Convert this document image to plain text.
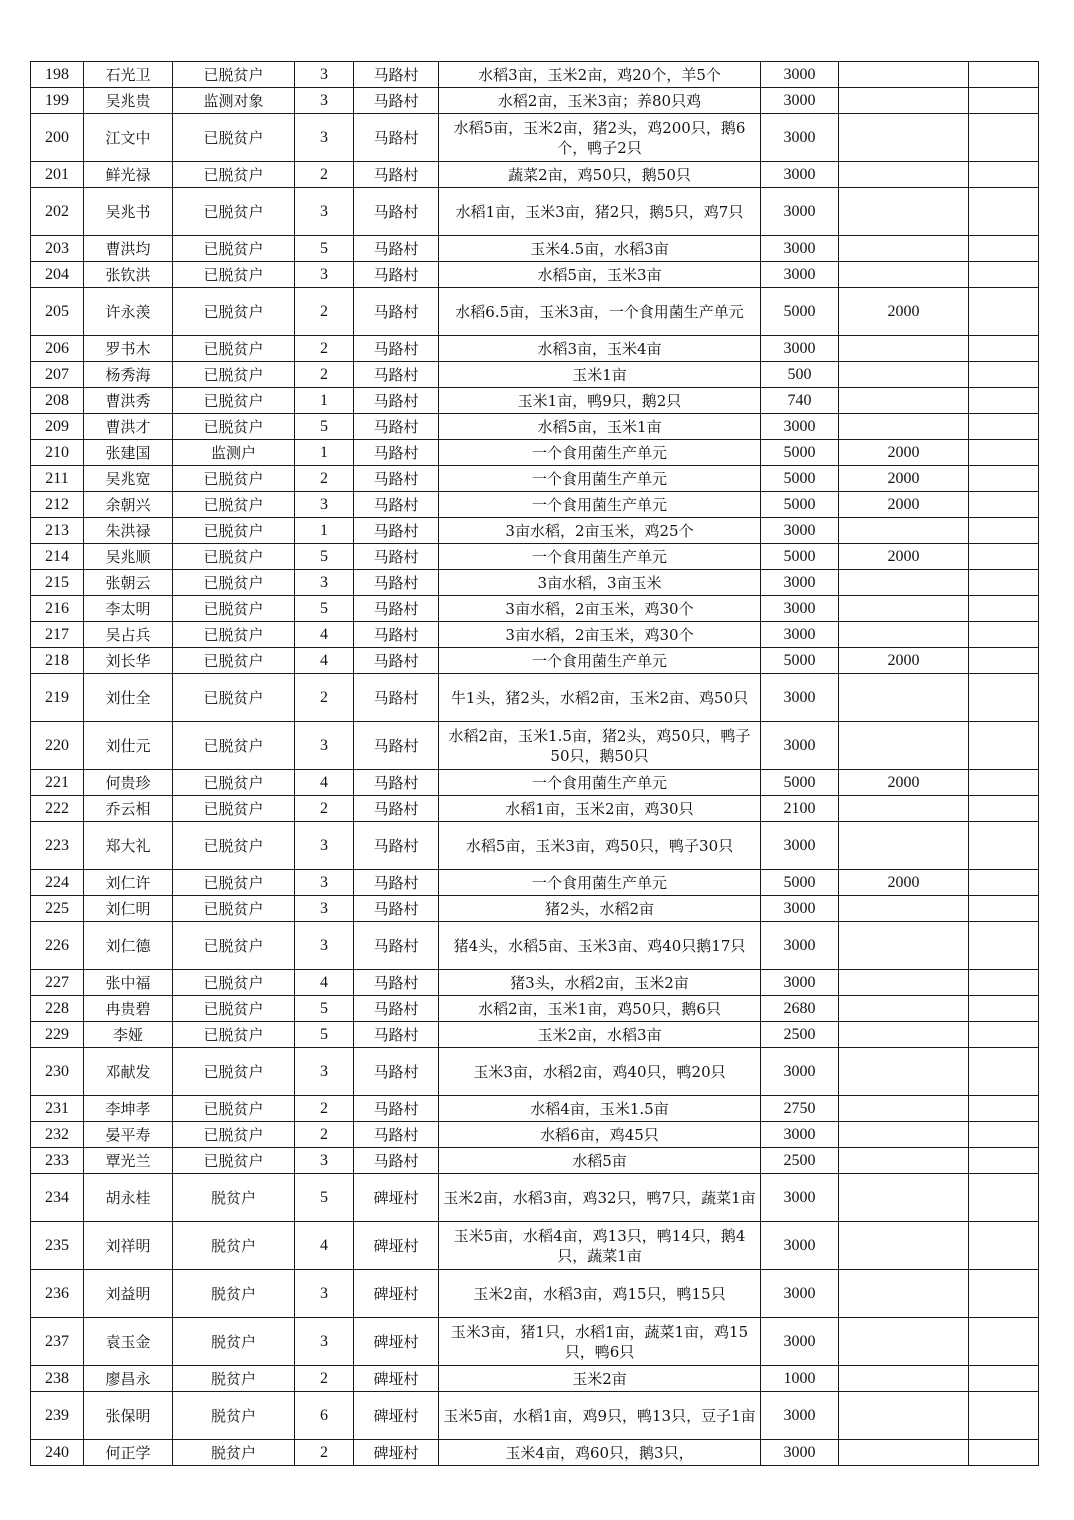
198	石光卫	已脱贫户	3	马路村	水稻3亩，玉米2亩，鸡20个，羊5个	3000		
199	吴兆贵	监测对象	3	马路村	水稻2亩，玉米3亩；养80只鸡	3000		
200	江文中	已脱贫户	3	马路村	水稻5亩，玉米2亩，猪2头，鸡200只，鹅6个，鸭子2只	3000		
201	鲜光禄	已脱贫户	2	马路村	蔬菜2亩，鸡50只，鹅50只	3000		
202	吴兆书	已脱贫户	3	马路村	水稻1亩，玉米3亩，猪2只，鹅5只，鸡7只	3000		
203	曹洪均	已脱贫户	5	马路村	玉米4.5亩，水稻3亩	3000		
204	张钦洪	已脱贫户	3	马路村	水稻5亩，玉米3亩	3000		
205	许永羡	已脱贫户	2	马路村	水稻6.5亩，玉米3亩，一个食用菌生产单元	5000	2000	
206	罗书木	已脱贫户	2	马路村	水稻3亩，玉米4亩	3000		
207	杨秀海	已脱贫户	2	马路村	玉米1亩	500		
208	曹洪秀	已脱贫户	1	马路村	玉米1亩，鸭9只，鹅2只	740		
209	曹洪才	已脱贫户	5	马路村	水稻5亩，玉米1亩	3000		
210	张建国	监测户	1	马路村	一个食用菌生产单元	5000	2000	
211	吴兆宽	已脱贫户	2	马路村	一个食用菌生产单元	5000	2000	
212	余朝兴	已脱贫户	3	马路村	一个食用菌生产单元	5000	2000	
213	朱洪禄	已脱贫户	1	马路村	3亩水稻，2亩玉米，鸡25个	3000		
214	吴兆顺	已脱贫户	5	马路村	一个食用菌生产单元	5000	2000	
215	张朝云	已脱贫户	3	马路村	3亩水稻，3亩玉米	3000		
216	李太明	已脱贫户	5	马路村	3亩水稻，2亩玉米，鸡30个	3000		
217	吴占兵	已脱贫户	4	马路村	3亩水稻，2亩玉米，鸡30个	3000		
218	刘长华	已脱贫户	4	马路村	一个食用菌生产单元	5000	2000	
219	刘仕全	已脱贫户	2	马路村	牛1头，猪2头，水稻2亩，玉米2亩、鸡50只	3000		
220	刘仕元	已脱贫户	3	马路村	水稻2亩，玉米1.5亩，猪2头，鸡50只，鸭子50只，鹅50只	3000		
221	何贵珍	已脱贫户	4	马路村	一个食用菌生产单元	5000	2000	
222	乔云相	已脱贫户	2	马路村	水稻1亩，玉米2亩，鸡30只	2100		
223	郑大礼	已脱贫户	3	马路村	水稻5亩，玉米3亩，鸡50只，鸭子30只	3000		
224	刘仁许	已脱贫户	3	马路村	一个食用菌生产单元	5000	2000	
225	刘仁明	已脱贫户	3	马路村	猪2头，水稻2亩	3000		
226	刘仁德	已脱贫户	3	马路村	猪4头，水稻5亩、玉米3亩、鸡40只鹅17只	3000		
227	张中福	已脱贫户	4	马路村	猪3头，水稻2亩，玉米2亩	3000		
228	冉贵碧	已脱贫户	5	马路村	水稻2亩，玉米1亩，鸡50只，鹅6只	2680		
229	李娅	已脱贫户	5	马路村	玉米2亩，水稻3亩	2500		
230	邓献发	已脱贫户	3	马路村	玉米3亩，水稻2亩，鸡40只，鸭20只	3000		
231	李坤孝	已脱贫户	2	马路村	水稻4亩，玉米1.5亩	2750		
232	晏平寿	已脱贫户	2	马路村	水稻6亩，鸡45只	3000		
233	覃光兰	已脱贫户	3	马路村	水稻5亩	2500		
234	胡永桂	脱贫户	5	碑垭村	玉米2亩，水稻3亩，鸡32只，鸭7只，蔬菜1亩	3000		
235	刘祥明	脱贫户	4	碑垭村	玉米5亩，水稻4亩，鸡13只，鸭14只，鹅4只，蔬菜1亩	3000		
236	刘益明	脱贫户	3	碑垭村	玉米2亩，水稻3亩，鸡15只，鸭15只	3000		
237	袁玉金	脱贫户	3	碑垭村	玉米3亩，猪1只，水稻1亩，蔬菜1亩，鸡15只，鸭6只	3000		
238	廖昌永	脱贫户	2	碑垭村	玉米2亩	1000		
239	张保明	脱贫户	6	碑垭村	玉米5亩，水稻1亩，鸡9只，鸭13只，豆子1亩	3000		
240	何正学	脱贫户	2	碑垭村	玉米4亩，鸡60只，鹅3只，	3000		
